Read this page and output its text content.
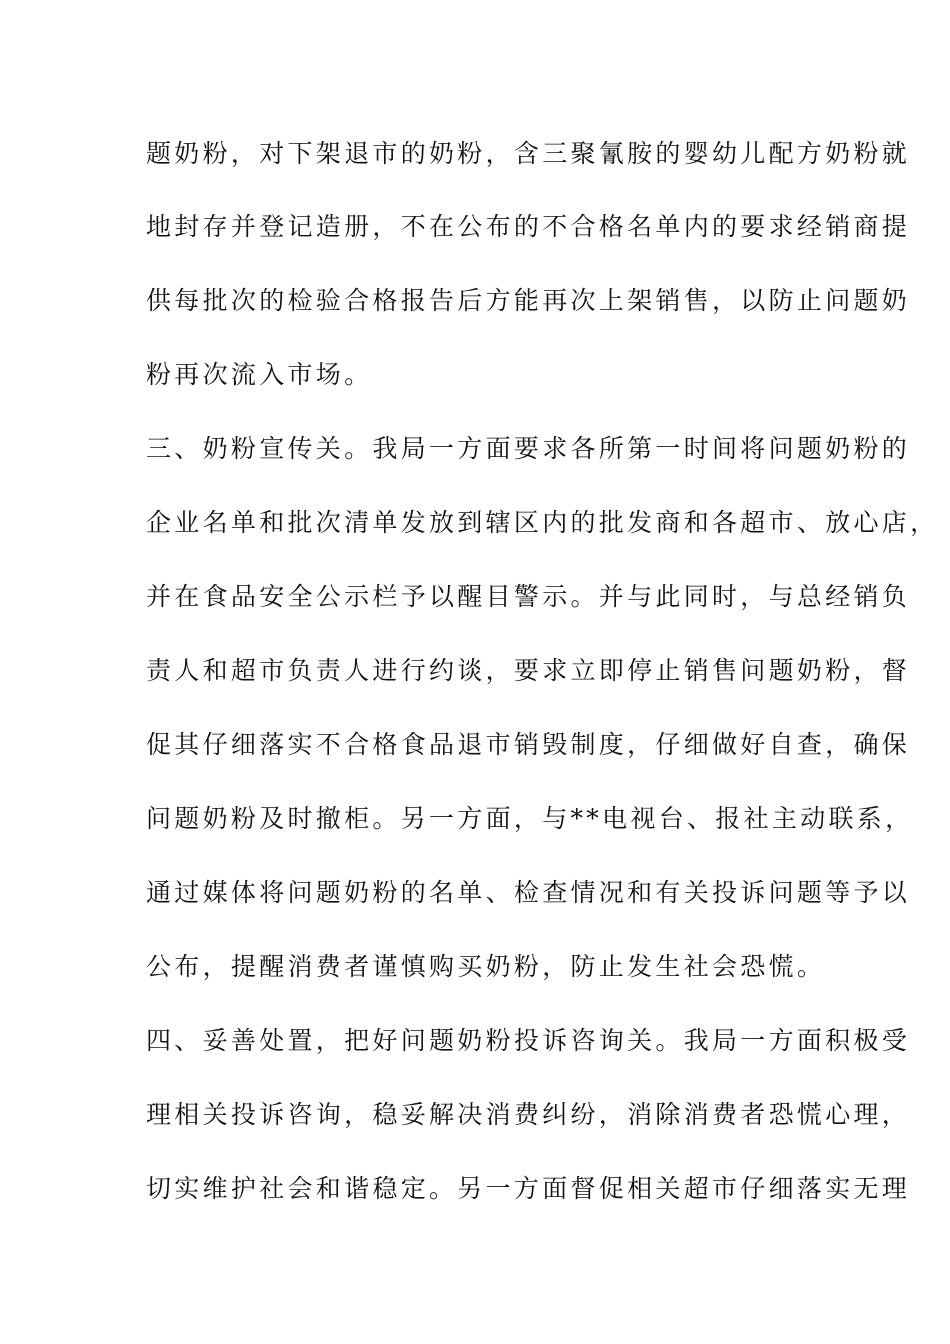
题奶粉，对下架退市的奶粉，含三聚氰胺的婴幼儿配方奶粉就
地封存并登记造册，不在公布的不合格名单内的要求经销商提
供每批次的检验合格报告后方能再次上架销售，以防止问题奶
粉再次流入市场。
三、奶粉宣传关。我局一方面要求各所第一时间将问题奶粉的
企业名单和批次清单发放到辖区内的批发商和各超市、放心店，
并在食品安全公示栏予以醒目警示。并与此同时，与总经销负
责人和超市负责人进行约谈，要求立即停止销售问题奶粉，督
促其仔细落实不合格食品退市销毁制度，仔细做好自查，确保
问题奶粉及时撤柜。另一方面，与**电视台、报社主动联系，
通过媒体将问题奶粉的名单、检查情况和有关投诉问题等予以
公布，提醒消费者谨慎购买奶粉，防止发生社会恐慌。
四、妥善处置，把好问题奶粉投诉咨询关。我局一方面积极受
理相关投诉咨询，稳妥解决消费纠纷，消除消费者恐慌心理，
切实维护社会和谐稳定。另一方面督促相关超市仔细落实无理
